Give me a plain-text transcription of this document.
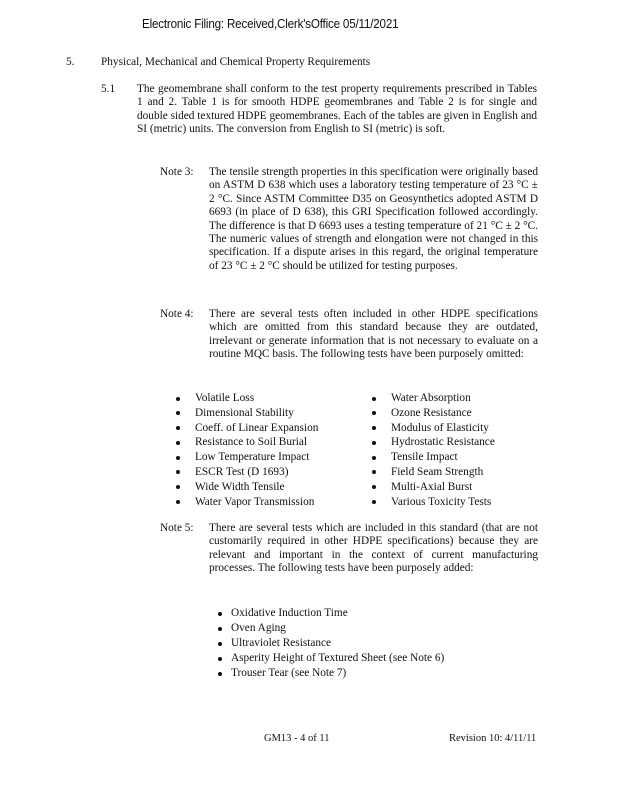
Electronic Filing: Received,Clerk'sOffice 05/11/2021
5. Physical, Mechanical and Chemical Property Requirements
5.1 The geomembrane shall conform to the test property requirements prescribed in Tables 1 and 2. Table 1 is for smooth HDPE geomembranes and Table 2 is for single and double sided textured HDPE geomembranes. Each of the tables are given in English and SI (metric) units. The conversion from English to SI (metric) is soft.
Note 3: The tensile strength properties in this specification were originally based on ASTM D 638 which uses a laboratory testing temperature of 23 °C ± 2 °C. Since ASTM Committee D35 on Geosynthetics adopted ASTM D 6693 (in place of D 638), this GRI Specification followed accordingly. The difference is that D 6693 uses a testing temperature of 21 °C ± 2 °C. The numeric values of strength and elongation were not changed in this specification. If a dispute arises in this regard, the original temperature of 23 °C ± 2 °C should be utilized for testing purposes.
Note 4: There are several tests often included in other HDPE specifications which are omitted from this standard because they are outdated, irrelevant or generate information that is not necessary to evaluate on a routine MQC basis. The following tests have been purposely omitted:
Volatile Loss
Dimensional Stability
Coeff. of Linear Expansion
Resistance to Soil Burial
Low Temperature Impact
ESCR Test (D 1693)
Wide Width Tensile
Water Vapor Transmission
Water Absorption
Ozone Resistance
Modulus of Elasticity
Hydrostatic Resistance
Tensile Impact
Field Seam Strength
Multi-Axial Burst
Various Toxicity Tests
Note 5: There are several tests which are included in this standard (that are not customarily required in other HDPE specifications) because they are relevant and important in the context of current manufacturing processes. The following tests have been purposely added:
Oxidative Induction Time
Oven Aging
Ultraviolet Resistance
Asperity Height of Textured Sheet (see Note 6)
Trouser Tear (see Note 7)
GM13 - 4 of 11	Revision 10: 4/11/11
